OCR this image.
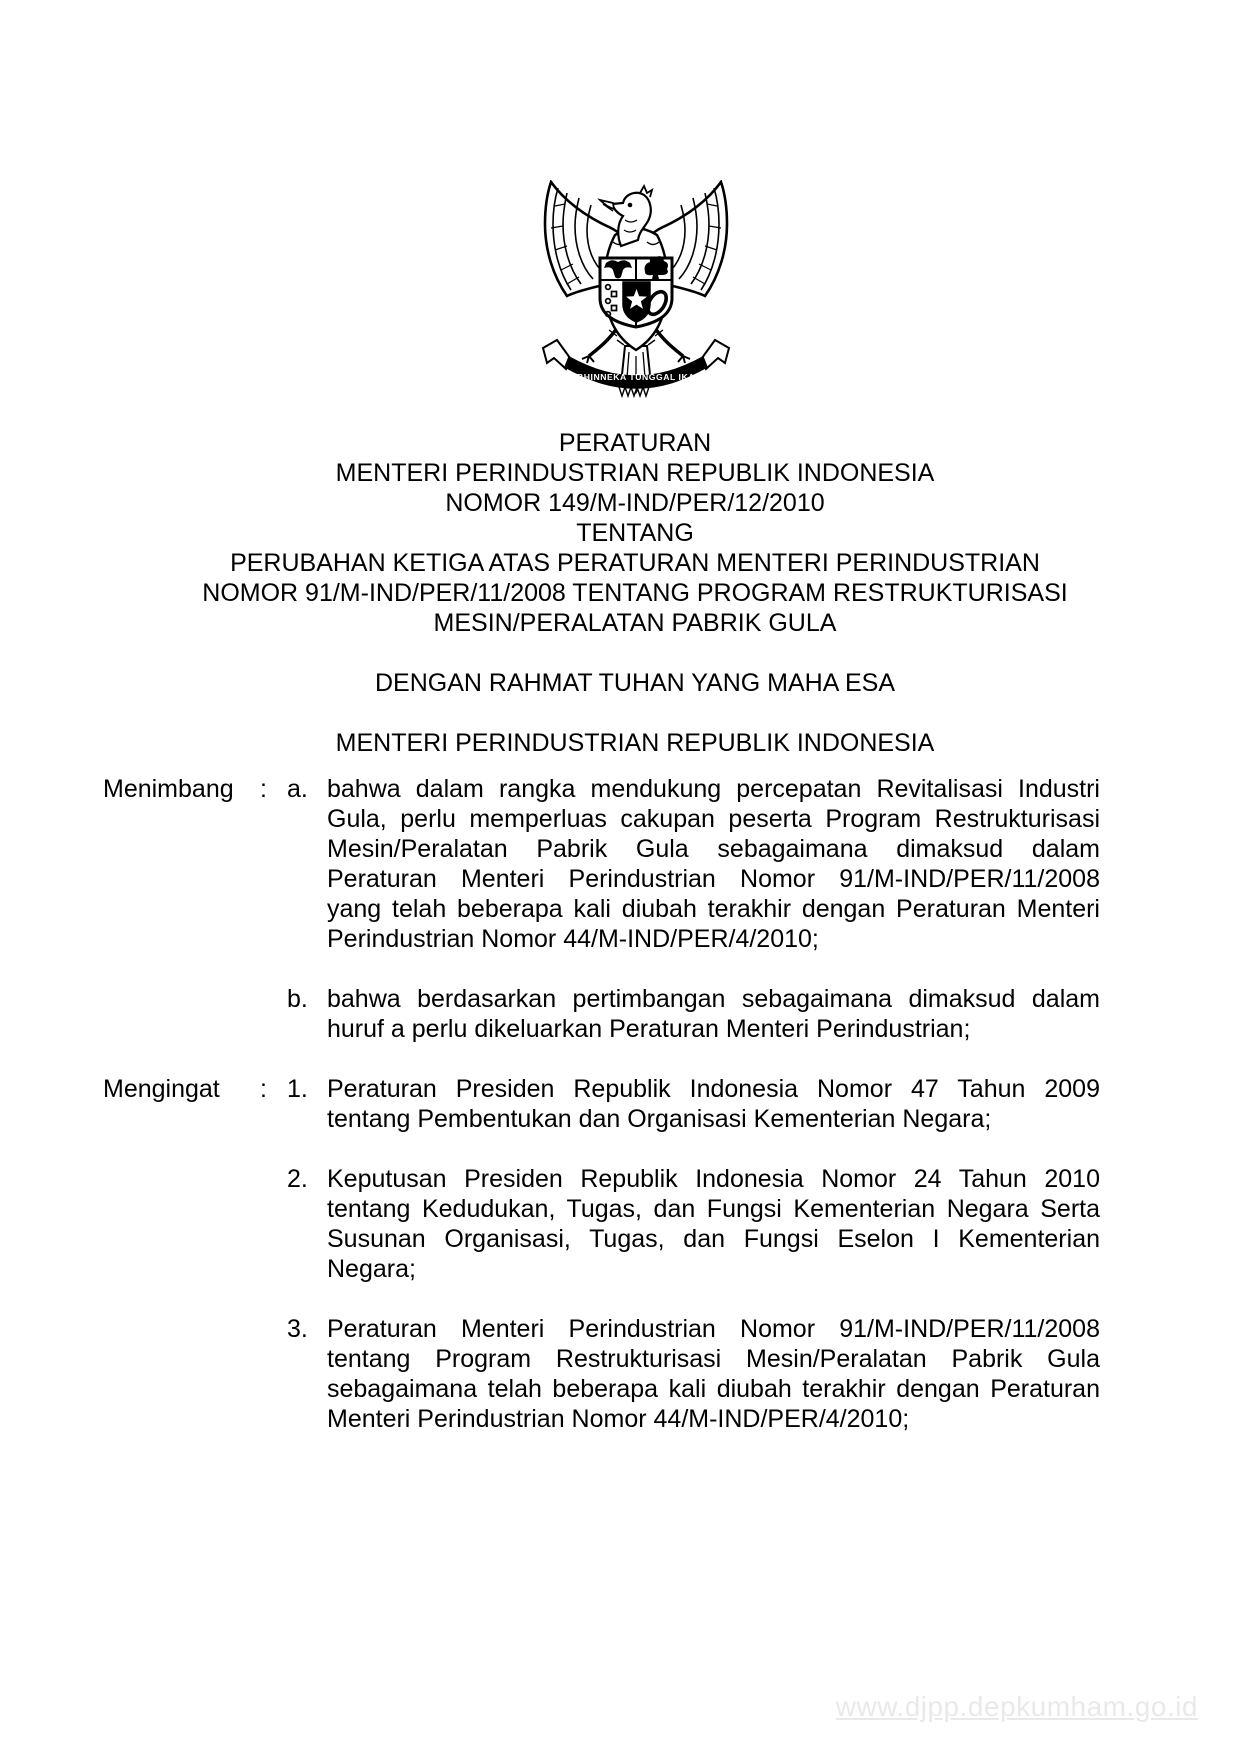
BHINNEKA TUNGGAL IKA
PERATURAN
MENTERI PERINDUSTRIAN REPUBLIK INDONESIA
NOMOR 149/M-IND/PER/12/2010
TENTANG
PERUBAHAN KETIGA ATAS PERATURAN MENTERI PERINDUSTRIAN
NOMOR 91/M-IND/PER/11/2008 TENTANG PROGRAM RESTRUKTURISASI
MESIN/PERALATAN PABRIK GULA
DENGAN RAHMAT TUHAN YANG MAHA ESA
MENTERI PERINDUSTRIAN REPUBLIK INDONESIA
Menimbang	: a. bahwa dalam rangka mendukung percepatan Revitalisasi Industri
Gula, perlu memperluas cakupan peserta Program Restrukturisasi
Mesin/Peralatan Pabrik Gula sebagaimana dimaksud dalam
Peraturan Menteri Perindustrian Nomor 91/M-IND/PER/11/2008
yang telah beberapa kali diubah terakhir dengan Peraturan Menteri
Perindustrian Nomor 44/M-IND/PER/4/2010;
b. bahwa berdasarkan pertimbangan sebagaimana dimaksud dalam
huruf a perlu dikeluarkan Peraturan Menteri Perindustrian;
Mengingat	: 1. Peraturan Presiden Republik Indonesia Nomor 47 Tahun 2009
tentang Pembentukan dan Organisasi Kementerian Negara;
2. Keputusan Presiden Republik Indonesia Nomor 24 Tahun 2010
tentang Kedudukan, Tugas, dan Fungsi Kementerian Negara Serta
Susunan Organisasi, Tugas, dan Fungsi Eselon I Kementerian
Negara;
3. Peraturan Menteri Perindustrian Nomor 91/M-IND/PER/11/2008
tentang Program Restrukturisasi Mesin/Peralatan Pabrik Gula
sebagaimana telah beberapa kali diubah terakhir dengan Peraturan
Menteri Perindustrian Nomor 44/M-IND/PER/4/2010;
www.djpp.depkumham.go.id
